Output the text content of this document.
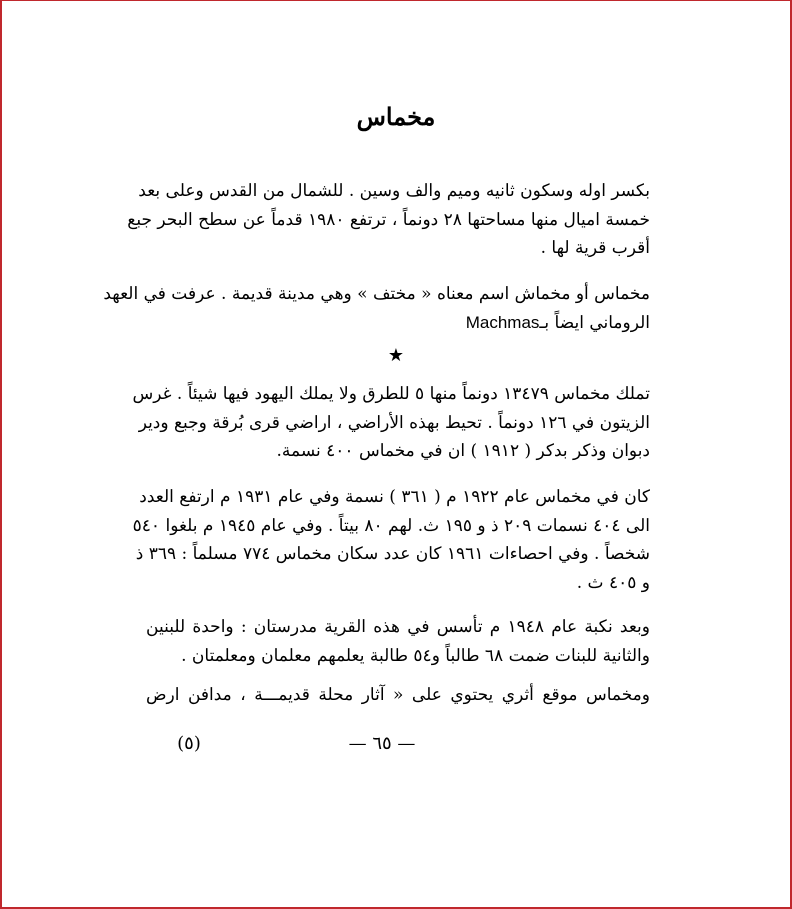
مخماس
بكسر اوله وسكون ثانيه وميم والف وسين . للشمال من القدس وعلى بعد
خمسة اميال منها مساحتها ٢٨ دونماً ، ترتفع ١٩٨٠ قدماً عن سطح البحر جبع
أقرب قرية لها .
مخماس أو مخماش اسم معناه « مختف » وهي مدينة قديمة . عرفت في العهد
الروماني ايضاً بـMachmas
★
تملك مخماس ١٣٤٧٩ دونماً منها ٥ للطرق ولا يملك اليهود فيها شيئاً . غرس
الزيتون في ١٢٦ دونماً . تحيط بهذه الأراضي ، اراضي قرى بُرقة وجبع ودير
دبوان وذكر بدكر ( ١٩١٢ ) ان في مخماس ٤٠٠ نسمة.
كان في مخماس عام ١٩٢٢ م ( ٣٦١ ) نسمة وفي عام ١٩٣١ م ارتفع العدد
الى ٤٠٤ نسمات ٢٠٩ ذ و ١٩٥ ث. لهم ٨٠ بيتاً . وفي عام ١٩٤٥ م بلغوا ٥٤٠
شخصاً . وفي احصاءات ١٩٦١ كان عدد سكان مخماس ٧٧٤ مسلماً : ٣٦٩ ذ
و ٤٠٥ ث .
وبعد نكبة عام ١٩٤٨ م تأسس في هذه القرية مدرستان : واحدة للبنين
والثانية للبنات ضمت ٦٨ طالباً و٥٤ طالبة يعلمهم معلمان ومعلمتان .
ومخماس موقع أثري يحتوي على « آثار محلة قديمـــة ، مدافن ارض
— ٦٥ —
(٥)
